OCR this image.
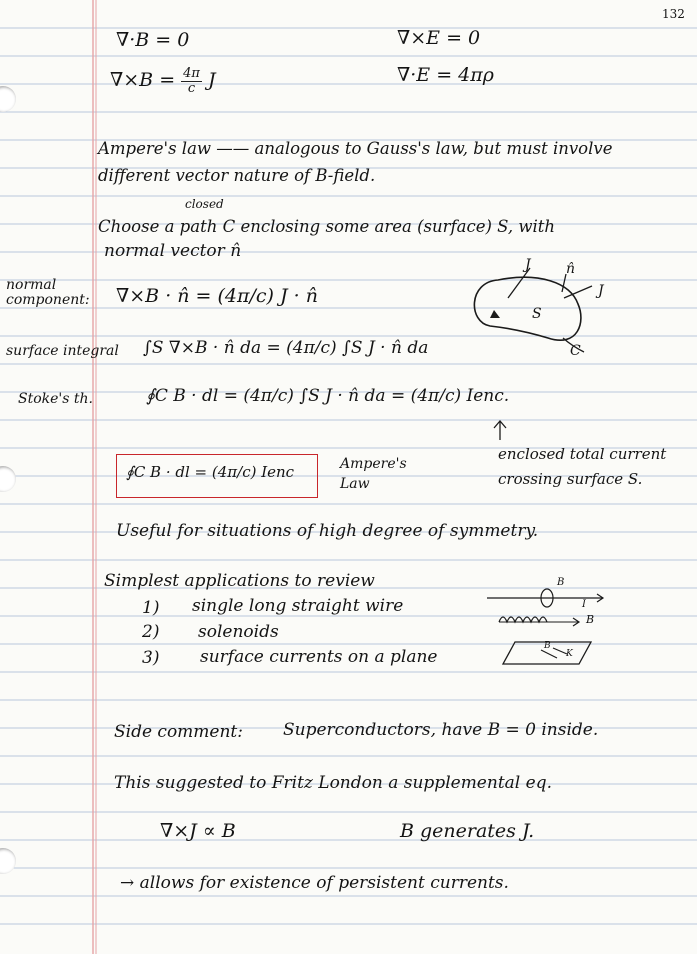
132
∇·B = 0	∇×E = 0
$\nabla\times B = \frac{4\pi}{c}$ J	∇·E = 4πρ
Ampere's law —— analogous to Gauss's law, but must involve
different vector nature of B-field.
closed
Choose a path C enclosing some area (surface) S, with
normal vector n̂
normal component: ∇×B · n̂ = (4π/c) J · n̂
surface integral ∫S ∇×B · n̂ da = (4π/c) ∫S J · n̂ da
Stoke's th.	∮C B · dl = (4π/c) ∫S J · n̂ da = (4π/c) Ienc.
J	n̂
J
S
C
enclosed total current
crossing surface S.
∮C B · dl = (4π/c) Ienc	Ampere's
Law
Useful for situations of high degree of symmetry.
Simplest applications to review
1) single long straight wire
2) solenoids
3) surface currents on a plane
B
I
B
B
K
Side comment: Superconductors, have B = 0 inside.
This suggested to Fritz London a supplemental eq.
∇×J ∝ B	B generates J.
→ allows for existence of persistent currents.
